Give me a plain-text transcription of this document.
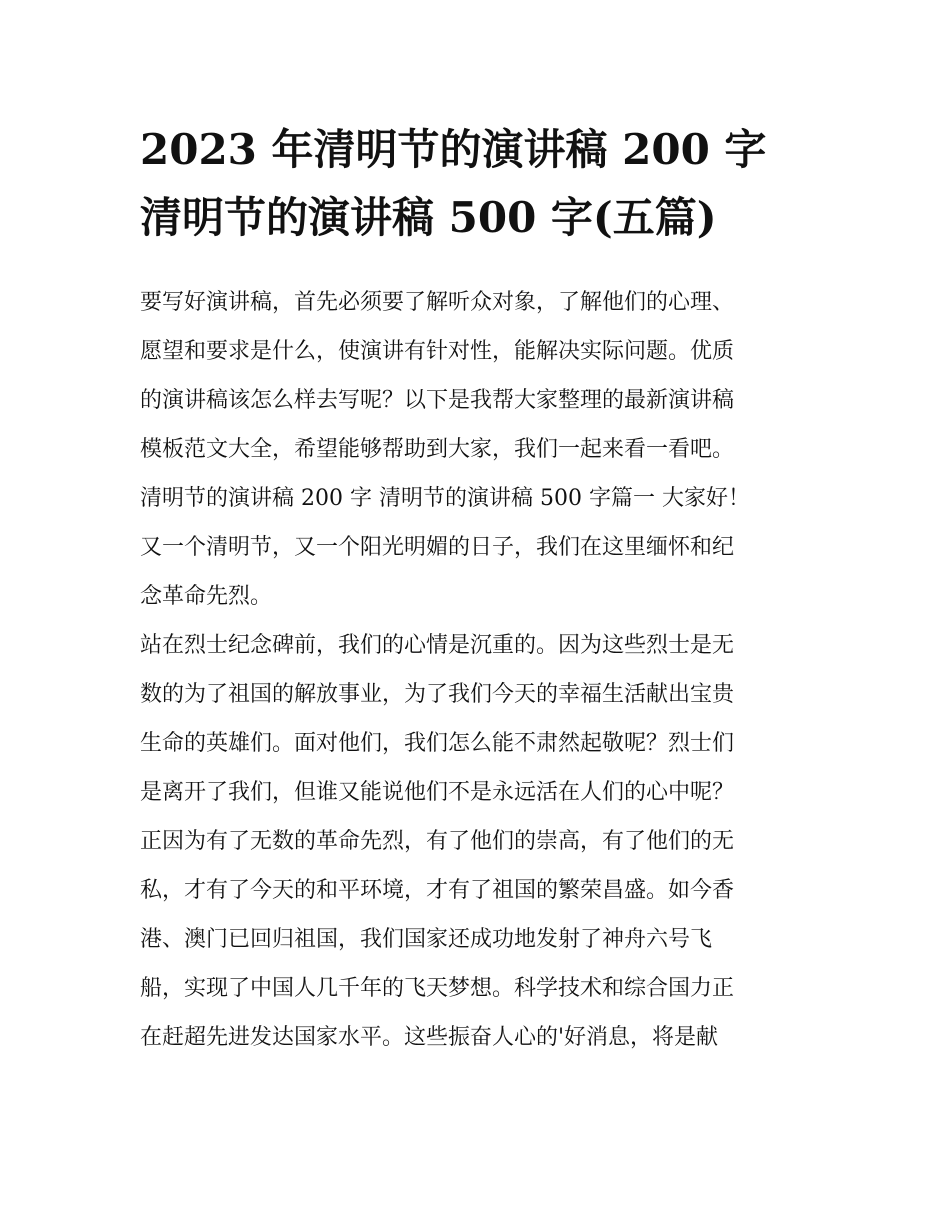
2023 年清明节的演讲稿 200 字
清明节的演讲稿 500 字(五篇)
要写好演讲稿，首先必须要了解听众对象，了解他们的心理、
愿望和要求是什么，使演讲有针对性，能解决实际问题。优质
的演讲稿该怎么样去写呢？以下是我帮大家整理的最新演讲稿
模板范文大全，希望能够帮助到大家，我们一起来看一看吧。
清明节的演讲稿 200 字 清明节的演讲稿 500 字篇一 大家好！
又一个清明节，又一个阳光明媚的日子，我们在这里缅怀和纪
念革命先烈。
站在烈士纪念碑前，我们的心情是沉重的。因为这些烈士是无
数的为了祖国的解放事业，为了我们今天的幸福生活献出宝贵
生命的英雄们。面对他们，我们怎么能不肃然起敬呢？烈士们
是离开了我们，但谁又能说他们不是永远活在人们的心中呢？
正因为有了无数的革命先烈，有了他们的崇高，有了他们的无
私，才有了今天的和平环境，才有了祖国的繁荣昌盛。如今香
港、澳门已回归祖国，我们国家还成功地发射了神舟六号飞
船，实现了中国人几千年的飞天梦想。科学技术和综合国力正
在赶超先进发达国家水平。这些振奋人心的'好消息，将是献
